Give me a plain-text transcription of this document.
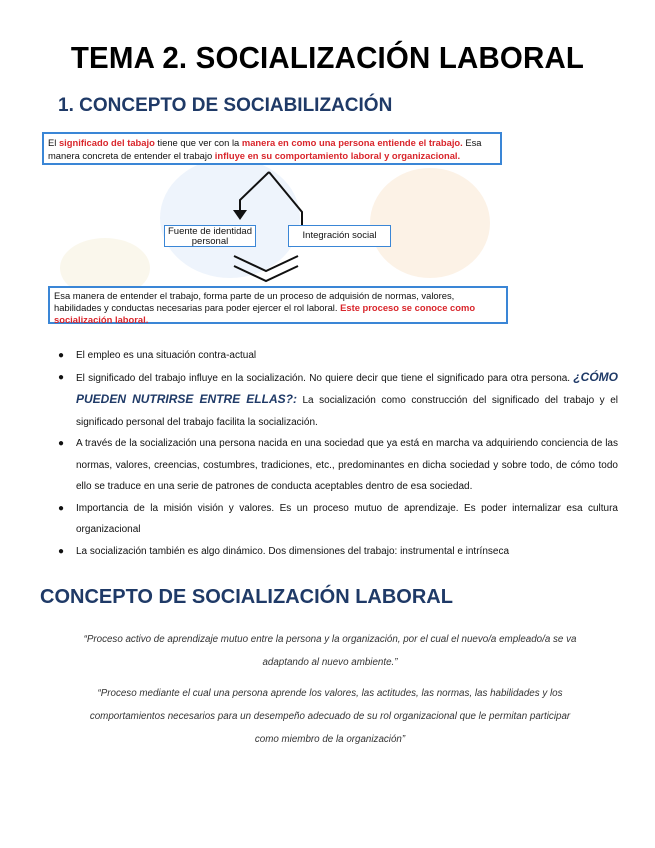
TEMA 2. SOCIALIZACIÓN LABORAL
1. CONCEPTO DE SOCIABILIZACIÓN
El significado del tabajo tiene que ver con la manera en como una persona entiende el trabajo. Esa manera concreta de entender el trabajo influye en su comportamiento laboral y organizacional.
Fuente de identidad personal
Integración social
Esa manera de entender el trabajo, forma parte de un proceso de adquisión de normas, valores, habilidades y conductas necesarias para poder ejercer el rol laboral. Este proceso se conoce como socialización laboral.
● El empleo es una situación contra-actual
● El significado del trabajo influye en la socialización. No quiere decir que tiene el significado para otra persona. ¿CÓMO PUEDEN NUTRIRSE ENTRE ELLAS?: La socialización como construcción del significado del trabajo y el significado personal del trabajo facilita la socialización.
● A través de la socialización una persona nacida en una sociedad que ya está en marcha va adquiriendo conciencia de las normas, valores, creencias, costumbres, tradiciones, etc., predominantes en dicha sociedad y sobre todo, de cómo todo ello se traduce en una serie de patrones de conducta aceptables dentro de esa sociedad.
● Importancia de la misión visión y valores. Es un proceso mutuo de aprendizaje. Es poder internalizar esa cultura organizacional
● La socialización también es algo dinámico. Dos dimensiones del trabajo: instrumental e intrínseca
CONCEPTO DE SOCIALIZACIÓN LABORAL

“Proceso activo de aprendizaje mutuo entre la persona y la organización, por el cual el nuevo/a empleado/a se va adaptando al nuevo ambiente.”

“Proceso mediante el cual una persona aprende los valores, las actitudes, las normas, las habilidades y los comportamientos necesarios para un desempeño adecuado de su rol organizacional que le permitan participar como miembro de la organización”
